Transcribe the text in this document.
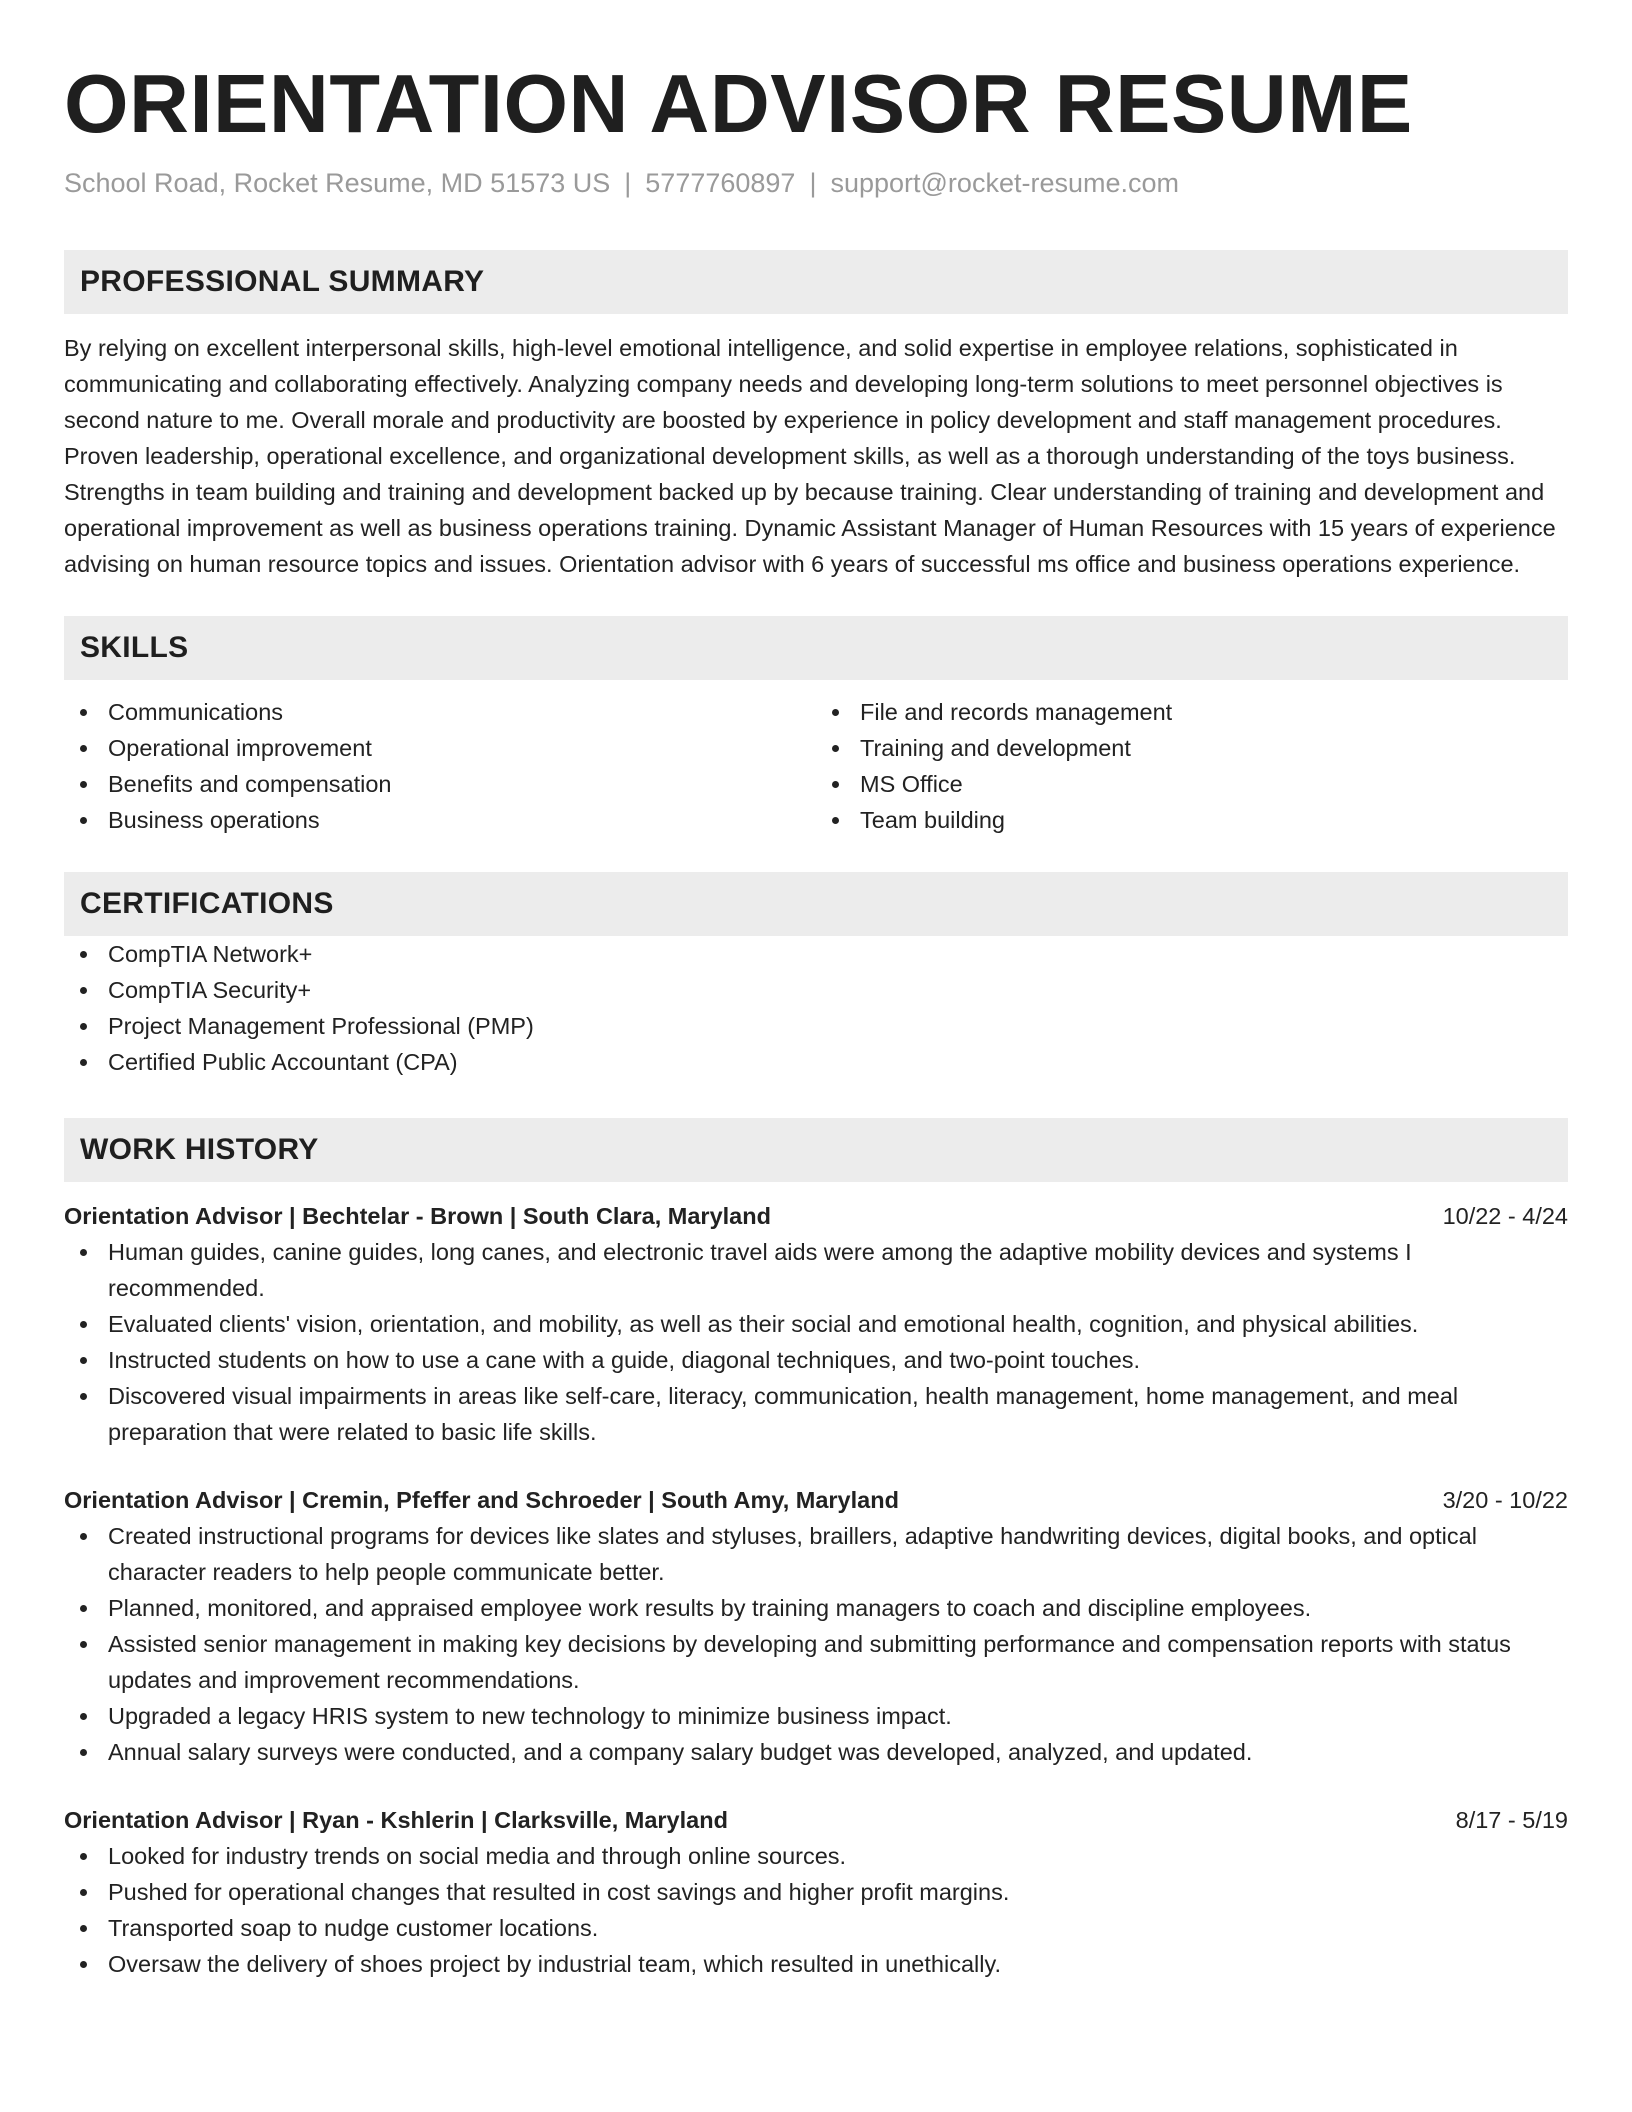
ORIENTATION ADVISOR RESUME
School Road, Rocket Resume, MD 51573 US | 5777760897 | support@rocket-resume.com
PROFESSIONAL SUMMARY

By relying on excellent interpersonal skills, high-level emotional intelligence, and solid expertise in employee relations, sophisticated in communicating and collaborating effectively. Analyzing company needs and developing long-term solutions to meet personnel objectives is second nature to me. Overall morale and productivity are boosted by experience in policy development and staff management procedures. Proven leadership, operational excellence, and organizational development skills, as well as a thorough understanding of the toys business. Strengths in team building and training and development backed up by because training. Clear understanding of training and development and operational improvement as well as business operations training. Dynamic Assistant Manager of Human Resources with 15 years of experience advising on human resource topics and issues. Orientation advisor with 6 years of successful ms office and business operations experience.

SKILLS
Communications
Operational improvement
Benefits and compensation
Business operations
File and records management
Training and development
MS Office
Team building
CERTIFICATIONS
CompTIA Network+
CompTIA Security+
Project Management Professional (PMP)
Certified Public Accountant (CPA)
WORK HISTORY
Orientation Advisor | Bechtelar - Brown | South Clara, Maryland	10/22 - 4/24
Human guides, canine guides, long canes, and electronic travel aids were among the adaptive mobility devices and systems I recommended.
Evaluated clients' vision, orientation, and mobility, as well as their social and emotional health, cognition, and physical abilities.
Instructed students on how to use a cane with a guide, diagonal techniques, and two-point touches.
Discovered visual impairments in areas like self-care, literacy, communication, health management, home management, and meal preparation that were related to basic life skills.
Orientation Advisor | Cremin, Pfeffer and Schroeder | South Amy, Maryland	3/20 - 10/22
Created instructional programs for devices like slates and styluses, braillers, adaptive handwriting devices, digital books, and optical character readers to help people communicate better.
Planned, monitored, and appraised employee work results by training managers to coach and discipline employees.
Assisted senior management in making key decisions by developing and submitting performance and compensation reports with status updates and improvement recommendations.
Upgraded a legacy HRIS system to new technology to minimize business impact.
Annual salary surveys were conducted, and a company salary budget was developed, analyzed, and updated.
Orientation Advisor | Ryan - Kshlerin | Clarksville, Maryland	8/17 - 5/19
Looked for industry trends on social media and through online sources.
Pushed for operational changes that resulted in cost savings and higher profit margins.
Transported soap to nudge customer locations.
Oversaw the delivery of shoes project by industrial team, which resulted in unethically.
